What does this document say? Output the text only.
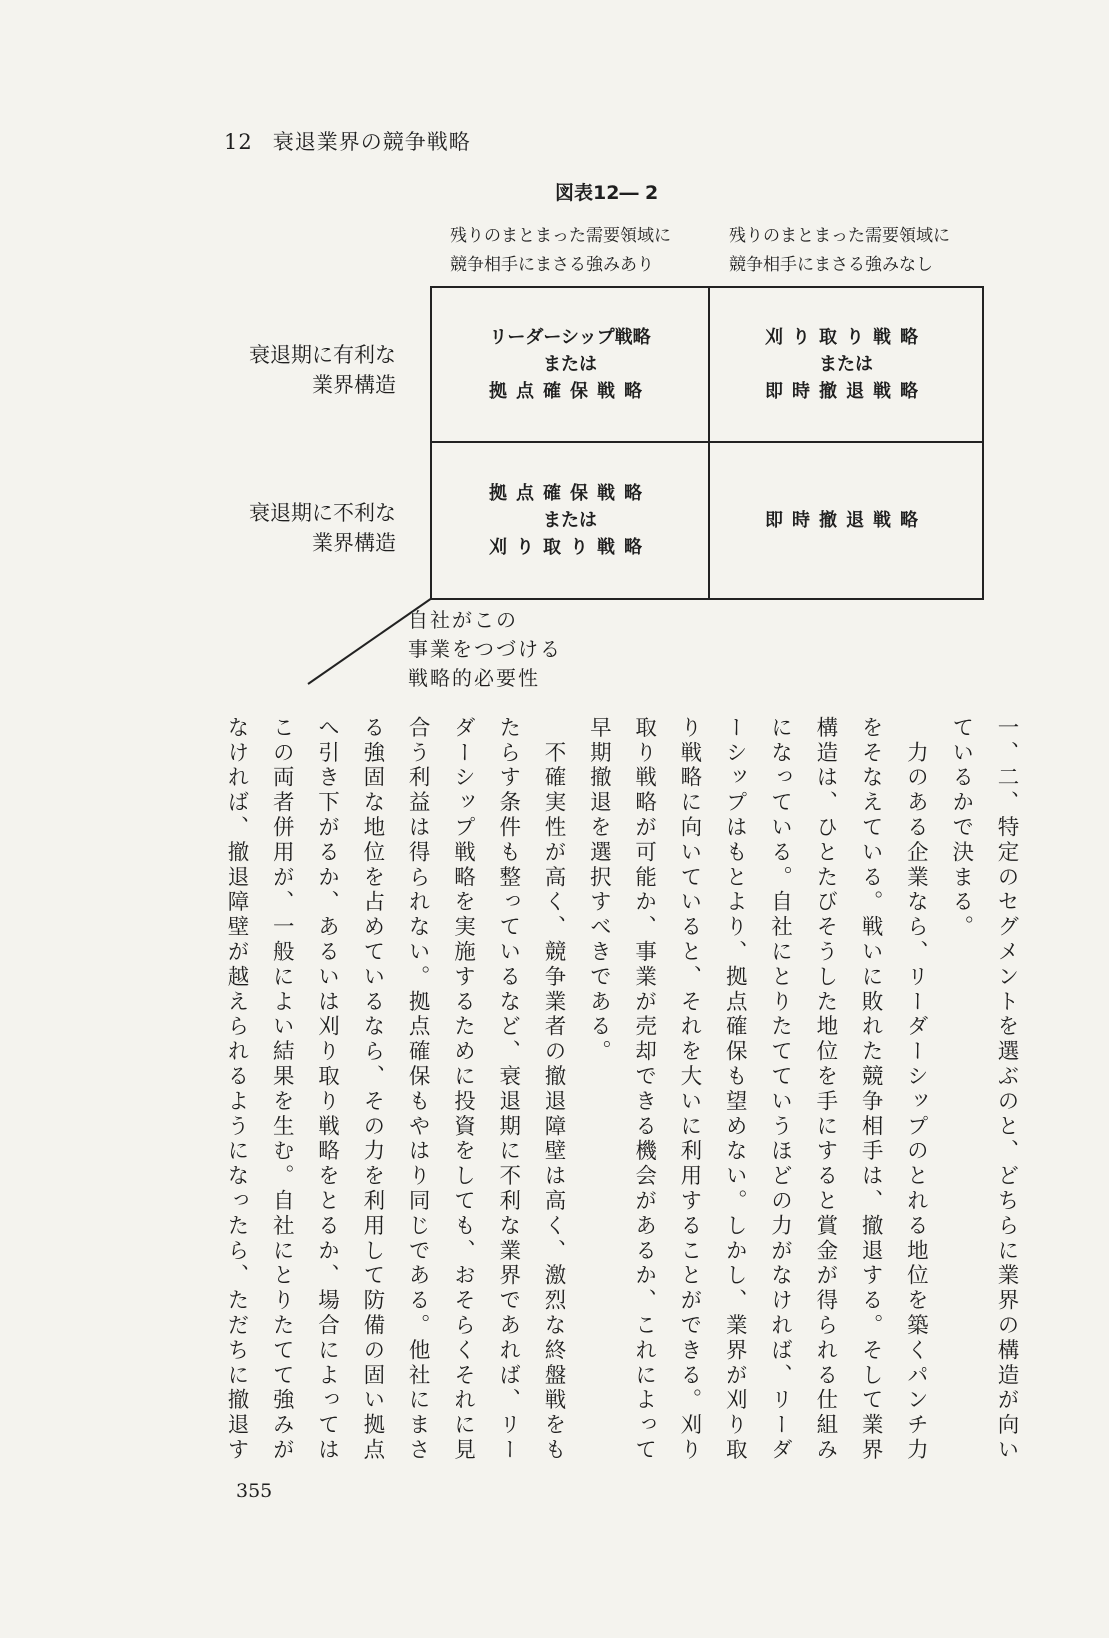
12 衰退業界の競争戦略
図表12― 2
残りのまとまった需要領域に
競争相手にまさる強みあり
残りのまとまった需要領域に
競争相手にまさる強みなし
衰退期に有利な
業界構造
衰退期に不利な
業界構造
リーダーシップ戦略
または
拠点確保戦略
刈り取り戦略
または
即時撤退戦略
拠点確保戦略
または
刈り取り戦略
即時撤退戦略
自社がこの
事業をつづける
戦略的必要性

一、二、特定のセグメントを選ぶのと、どちらに業界の構造が向い

ているかで決まる。

　力のある企業なら、リーダーシップのとれる地位を築くパンチ力

をそなえている。戦いに敗れた競争相手は、撤退する。そして業界

構造は、ひとたびそうした地位を手にすると賞金が得られる仕組み

になっている。自社にとりたてていうほどの力がなければ、リーダ

ーシップはもとより、拠点確保も望めない。しかし、業界が刈り取

り戦略に向いていると、それを大いに利用することができる。刈り

取り戦略が可能か、事業が売却できる機会があるか、これによって

早期撤退を選択すべきである。

　不確実性が高く、競争業者の撤退障壁は高く、激烈な終盤戦をも

たらす条件も整っているなど、衰退期に不利な業界であれば、リー

ダーシップ戦略を実施するために投資をしても、おそらくそれに見

合う利益は得られない。拠点確保もやはり同じである。他社にまさ

る強固な地位を占めているなら、その力を利用して防備の固い拠点

へ引き下がるか、あるいは刈り取り戦略をとるか、場合によっては

この両者併用が、一般によい結果を生む。自社にとりたてて強みが

なければ、撤退障壁が越えられるようになったら、ただちに撤退す

355
